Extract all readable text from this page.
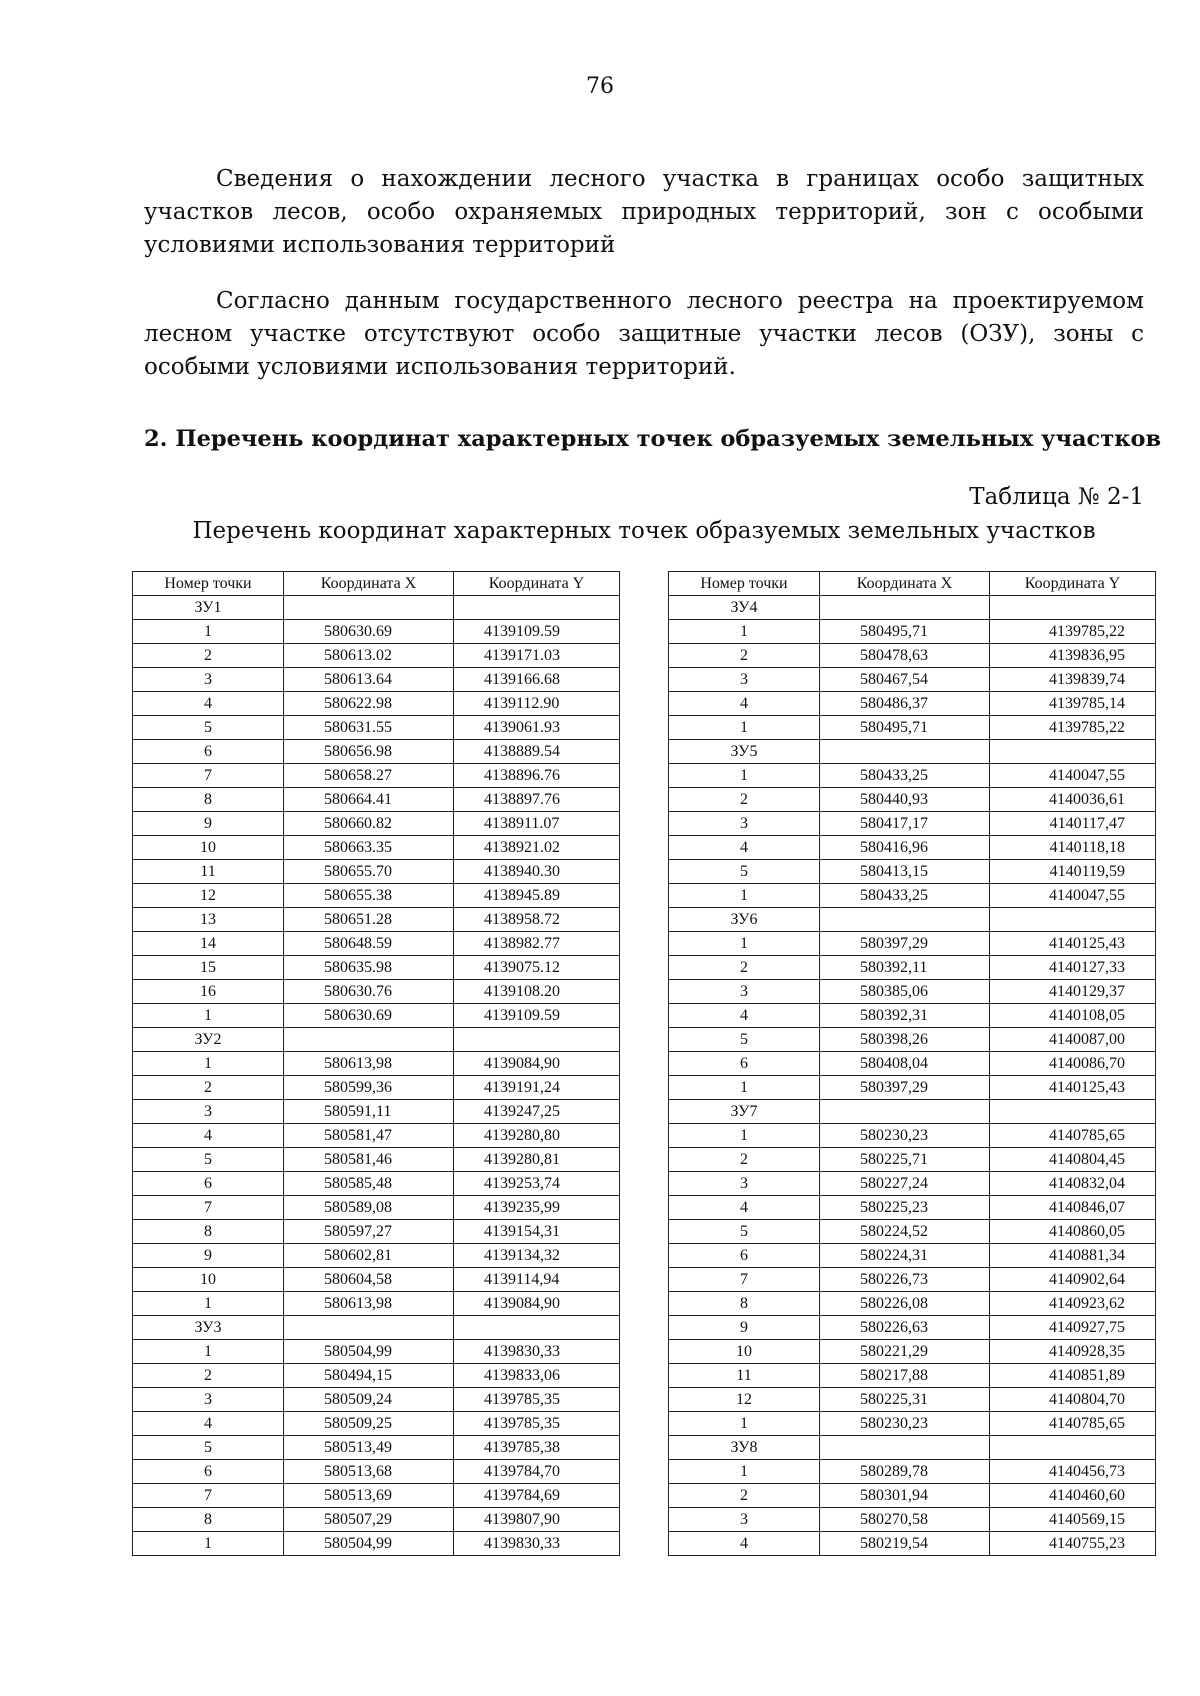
76

Сведения о нахождении лесного участка в границах особо защитных участков лесов, особо охраняемых природных территорий, зон с особыми условиями использования территорий

Согласно данным государственного лесного реестра на проектируемом лесном участке отсутствуют особо защитные участки лесов (ОЗУ), зоны с особыми условиями использования территорий.

2. Перечень координат характерных точек образуемых земельных участков
Таблица № 2-1
Перечень координат характерных точек образуемых земельных участков
Номер точки	Координата X	Координата Y
ЗУ1		
1	580630.69	4139109.59
2	580613.02	4139171.03
3	580613.64	4139166.68
4	580622.98	4139112.90
5	580631.55	4139061.93
6	580656.98	4138889.54
7	580658.27	4138896.76
8	580664.41	4138897.76
9	580660.82	4138911.07
10	580663.35	4138921.02
11	580655.70	4138940.30
12	580655.38	4138945.89
13	580651.28	4138958.72
14	580648.59	4138982.77
15	580635.98	4139075.12
16	580630.76	4139108.20
1	580630.69	4139109.59
ЗУ2		
1	580613,98	4139084,90
2	580599,36	4139191,24
3	580591,11	4139247,25
4	580581,47	4139280,80
5	580581,46	4139280,81
6	580585,48	4139253,74
7	580589,08	4139235,99
8	580597,27	4139154,31
9	580602,81	4139134,32
10	580604,58	4139114,94
1	580613,98	4139084,90
ЗУ3		
1	580504,99	4139830,33
2	580494,15	4139833,06
3	580509,24	4139785,35
4	580509,25	4139785,35
5	580513,49	4139785,38
6	580513,68	4139784,70
7	580513,69	4139784,69
8	580507,29	4139807,90
1	580504,99	4139830,33
Номер точки	Координата X	Координата Y
ЗУ4		
1	580495,71	4139785,22
2	580478,63	4139836,95
3	580467,54	4139839,74
4	580486,37	4139785,14
1	580495,71	4139785,22
ЗУ5		
1	580433,25	4140047,55
2	580440,93	4140036,61
3	580417,17	4140117,47
4	580416,96	4140118,18
5	580413,15	4140119,59
1	580433,25	4140047,55
ЗУ6		
1	580397,29	4140125,43
2	580392,11	4140127,33
3	580385,06	4140129,37
4	580392,31	4140108,05
5	580398,26	4140087,00
6	580408,04	4140086,70
1	580397,29	4140125,43
ЗУ7		
1	580230,23	4140785,65
2	580225,71	4140804,45
3	580227,24	4140832,04
4	580225,23	4140846,07
5	580224,52	4140860,05
6	580224,31	4140881,34
7	580226,73	4140902,64
8	580226,08	4140923,62
9	580226,63	4140927,75
10	580221,29	4140928,35
11	580217,88	4140851,89
12	580225,31	4140804,70
1	580230,23	4140785,65
ЗУ8		
1	580289,78	4140456,73
2	580301,94	4140460,60
3	580270,58	4140569,15
4	580219,54	4140755,23
